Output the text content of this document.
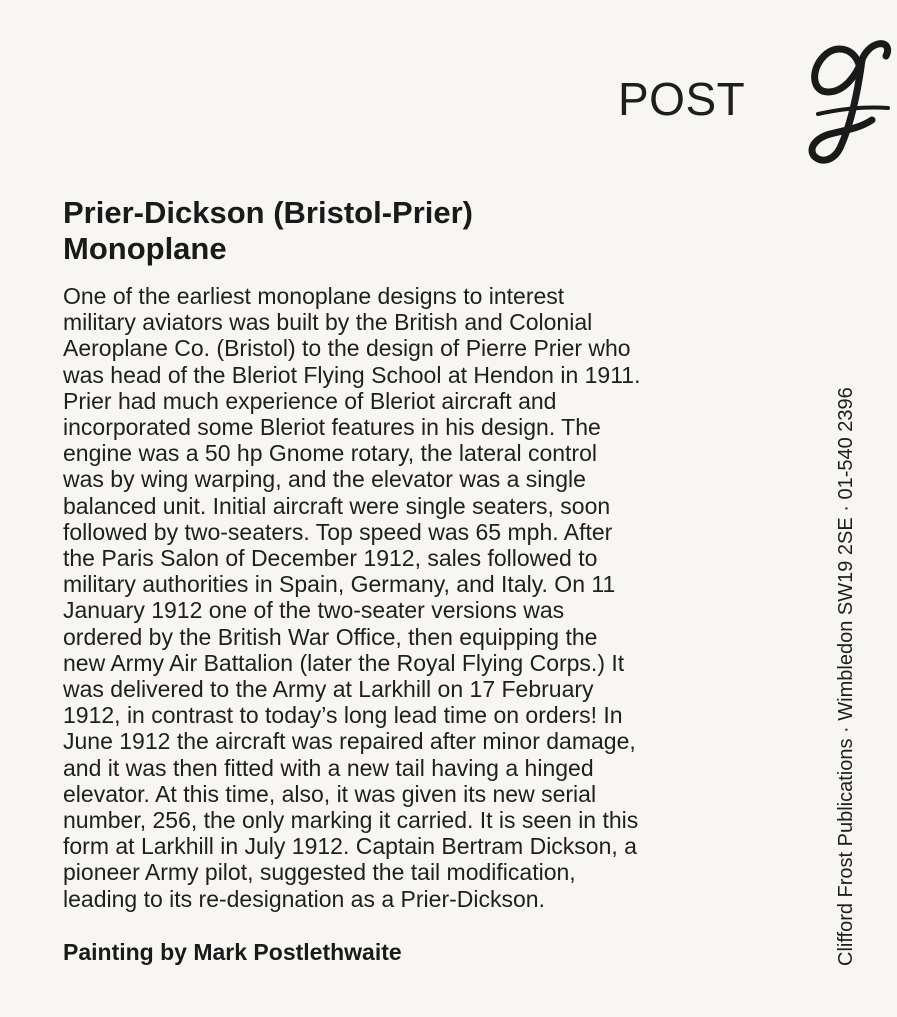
POST
Prier-Dickson (Bristol-Prier)
Monoplane
One of the earliest monoplane designs to interest
military aviators was built by the British and Colonial
Aeroplane Co. (Bristol) to the design of Pierre Prier who
was head of the Bleriot Flying School at Hendon in 1911.
Prier had much experience of Bleriot aircraft and
incorporated some Bleriot features in his design. The
engine was a 50 hp Gnome rotary, the lateral control
was by wing warping, and the elevator was a single
balanced unit. Initial aircraft were single seaters, soon
followed by two-seaters. Top speed was 65 mph. After
the Paris Salon of December 1912, sales followed to
military authorities in Spain, Germany, and Italy. On 11
January 1912 one of the two-seater versions was
ordered by the British War Office, then equipping the
new Army Air Battalion (later the Royal Flying Corps.) It
was delivered to the Army at Larkhill on 17 February
1912, in contrast to today’s long lead time on orders! In
June 1912 the aircraft was repaired after minor damage,
and it was then fitted with a new tail having a hinged
elevator. At this time, also, it was given its new serial
number, 256, the only marking it carried. It is seen in this
form at Larkhill in July 1912. Captain Bertram Dickson, a
pioneer Army pilot, suggested the tail modification,
leading to its re-designation as a Prier-Dickson.
Painting by Mark Postlethwaite	Clifford Frost Publications · Wimbledon SW19 2SE · 01-540 2396
